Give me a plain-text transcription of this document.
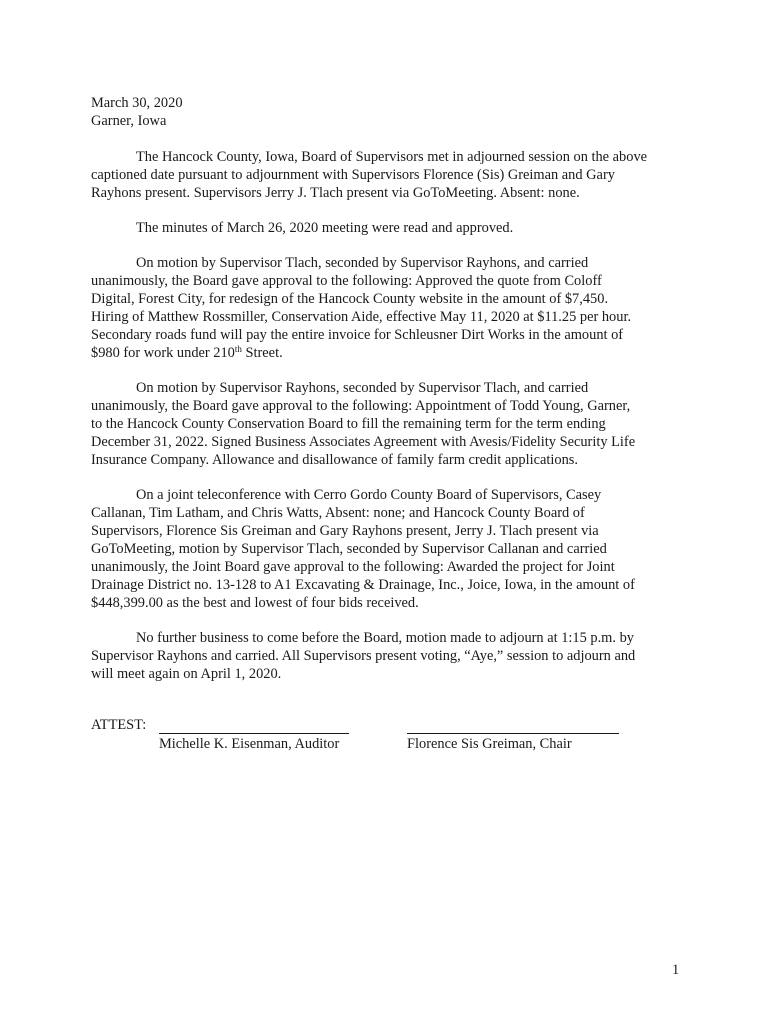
March 30, 2020
Garner, Iowa
The Hancock County, Iowa, Board of Supervisors met in adjourned session on the above
captioned date pursuant to adjournment with Supervisors Florence (Sis) Greiman and Gary
Rayhons present. Supervisors Jerry J. Tlach present via GoToMeeting. Absent: none.
The minutes of March 26, 2020 meeting were read and approved.
On motion by Supervisor Tlach, seconded by Supervisor Rayhons, and carried
unanimously, the Board gave approval to the following: Approved the quote from Coloff
Digital, Forest City, for redesign of the Hancock County website in the amount of $7,450.
Hiring of Matthew Rossmiller, Conservation Aide, effective May 11, 2020 at $11.25 per hour.
Secondary roads fund will pay the entire invoice for Schleusner Dirt Works in the amount of
$980 for work under 210th Street.
On motion by Supervisor Rayhons, seconded by Supervisor Tlach, and carried
unanimously, the Board gave approval to the following: Appointment of Todd Young, Garner,
to the Hancock County Conservation Board to fill the remaining term for the term ending
December 31, 2022. Signed Business Associates Agreement with Avesis/Fidelity Security Life
Insurance Company. Allowance and disallowance of family farm credit applications.
On a joint teleconference with Cerro Gordo County Board of Supervisors, Casey
Callanan, Tim Latham, and Chris Watts, Absent: none; and Hancock County Board of
Supervisors, Florence Sis Greiman and Gary Rayhons present, Jerry J. Tlach present via
GoToMeeting, motion by Supervisor Tlach, seconded by Supervisor Callanan and carried
unanimously, the Joint Board gave approval to the following: Awarded the project for Joint
Drainage District no. 13-128 to A1 Excavating & Drainage, Inc., Joice, Iowa, in the amount of
$448,399.00 as the best and lowest of four bids received.
No further business to come before the Board, motion made to adjourn at 1:15 p.m. by
Supervisor Rayhons and carried. All Supervisors present voting, “Aye,” session to adjourn and
will meet again on April 1, 2020.
ATTEST:
Michelle K. Eisenman, Auditor	Florence Sis Greiman, Chair
1
